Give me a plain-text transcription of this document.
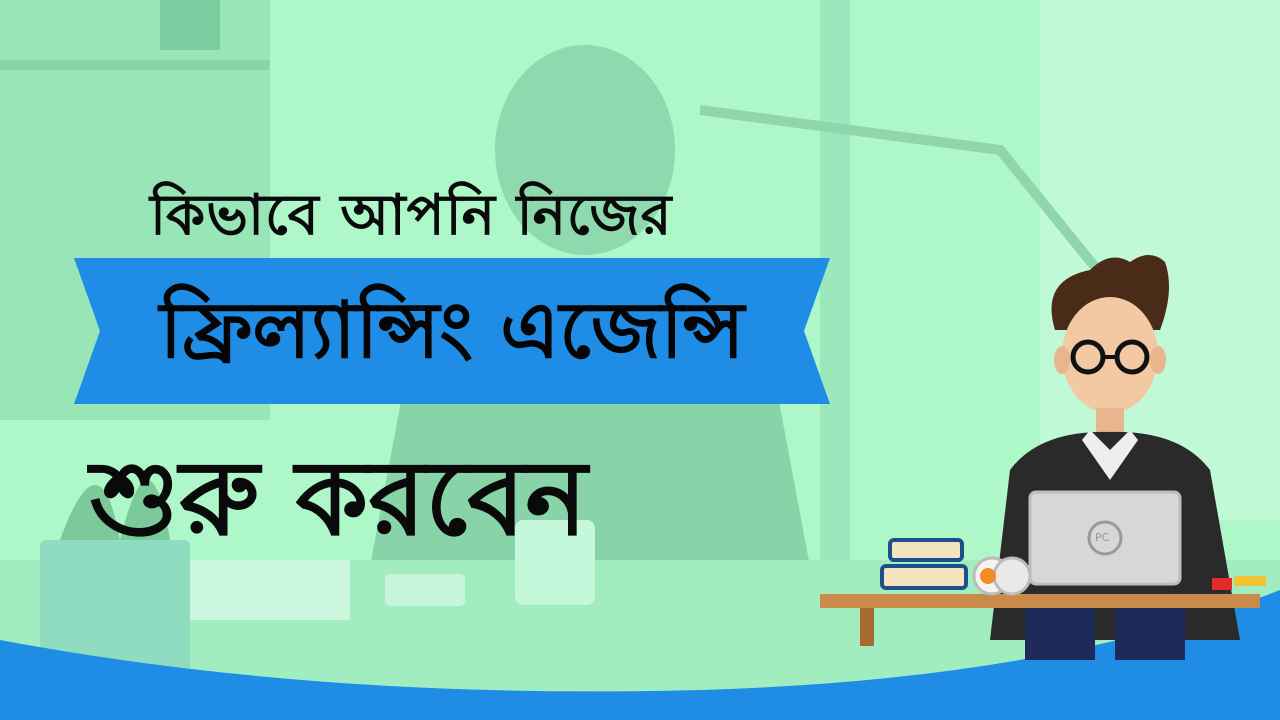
কিভাবে আপনি নিজের
ফ্রিল্যান্সিং এজেন্সি
শুরু করবেন	PC
